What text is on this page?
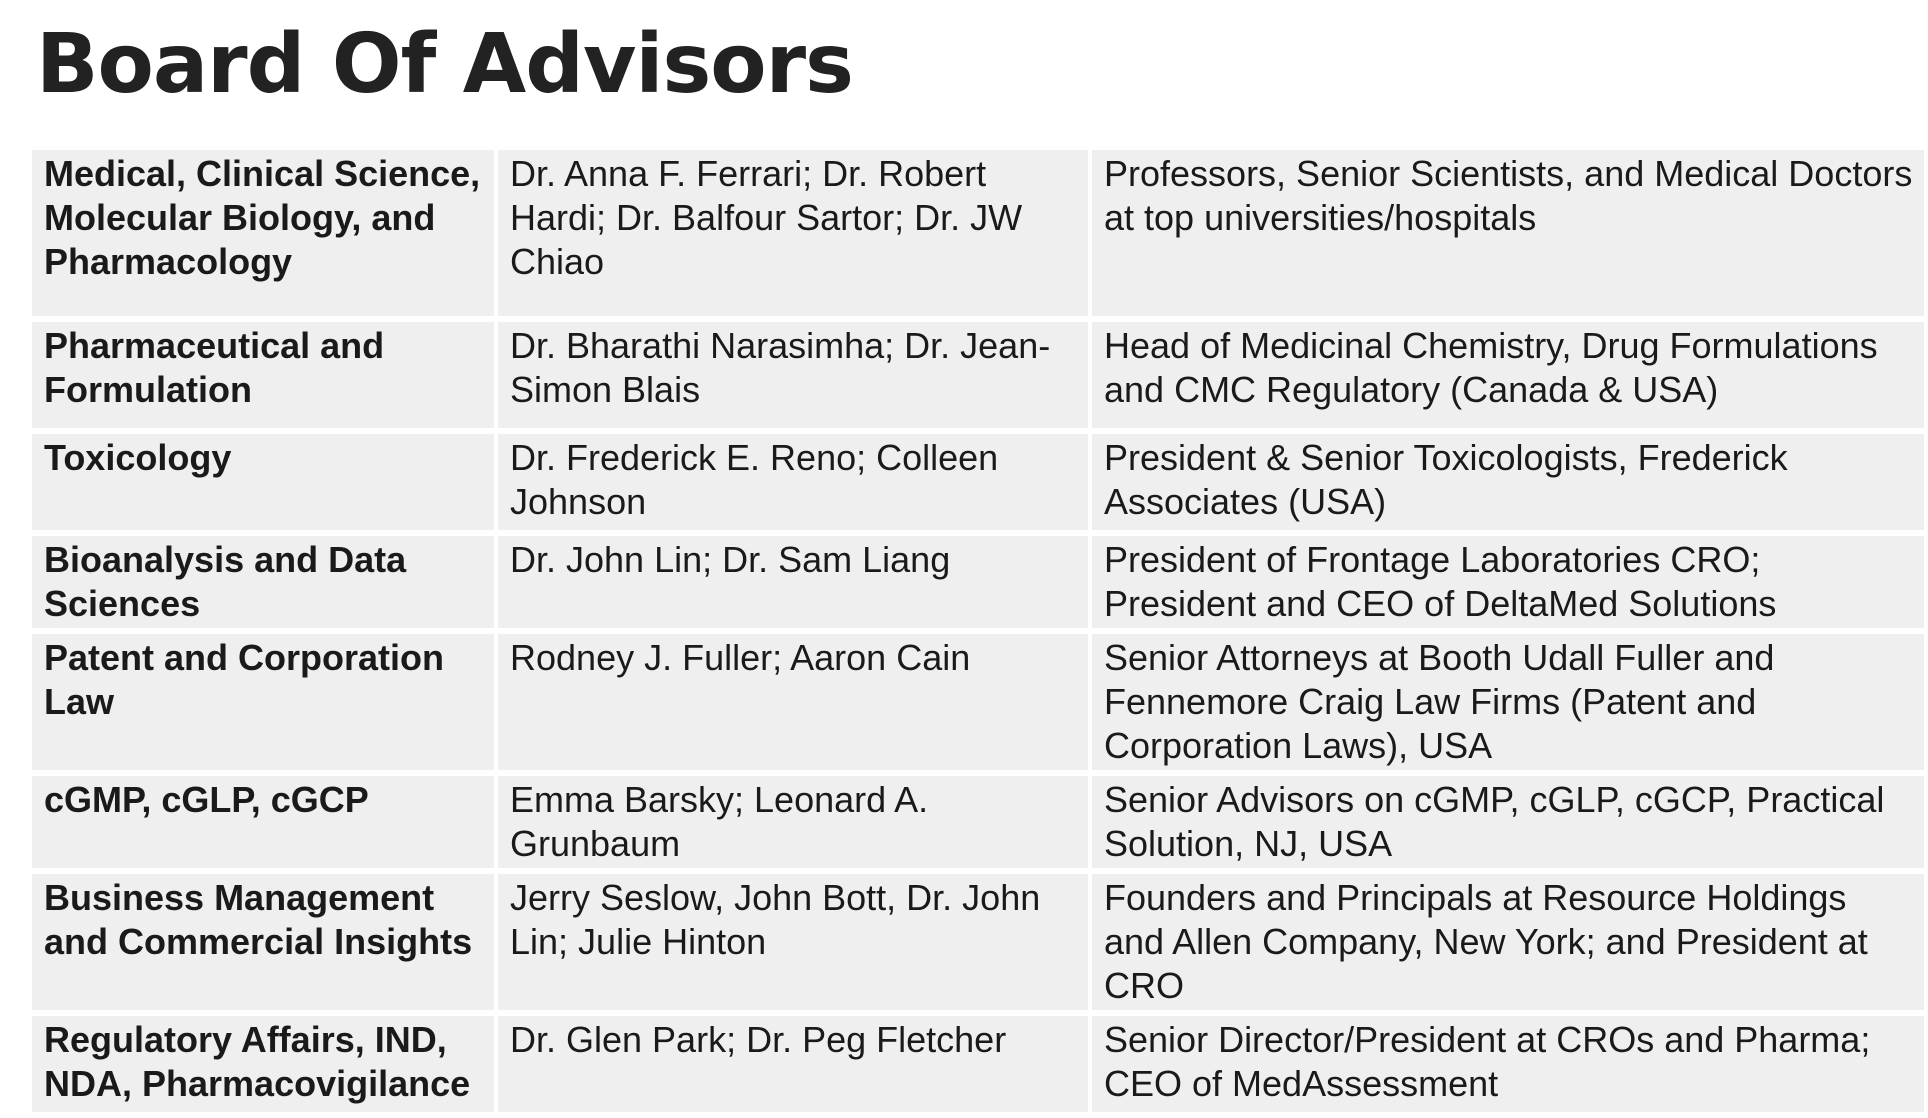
Board Of Advisors
Medical, Clinical Science, Molecular Biology, and Pharmacology	Dr. Anna F. Ferrari; Dr. Robert Hardi; Dr. Balfour Sartor; Dr. JW Chiao	Professors, Senior Scientists, and Medical Doctors at top universities/hospitals
Pharmaceutical and Formulation	Dr. Bharathi Narasimha; Dr. Jean-Simon Blais	Head of Medicinal Chemistry, Drug Formulations and CMC Regulatory (Canada & USA)
Toxicology	Dr. Frederick E. Reno; Colleen Johnson	President & Senior Toxicologists, Frederick Associates (USA)
Bioanalysis and Data Sciences	Dr. John Lin; Dr. Sam Liang	President of Frontage Laboratories CRO; President and CEO of DeltaMed Solutions
Patent and Corporation Law	Rodney J. Fuller; Aaron Cain	Senior Attorneys at Booth Udall Fuller and Fennemore Craig Law Firms (Patent and Corporation Laws), USA
cGMP, cGLP, cGCP	Emma Barsky; Leonard A. Grunbaum	Senior Advisors on cGMP, cGLP, cGCP, Practical Solution, NJ, USA
Business Management and Commercial Insights	Jerry Seslow, John Bott, Dr. John Lin; Julie Hinton	Founders and Principals at Resource Holdings and Allen Company, New York; and President at CRO
Regulatory Affairs, IND, NDA, Pharmacovigilance	Dr. Glen Park; Dr. Peg Fletcher	Senior Director/President at CROs and Pharma; CEO of MedAssessment
